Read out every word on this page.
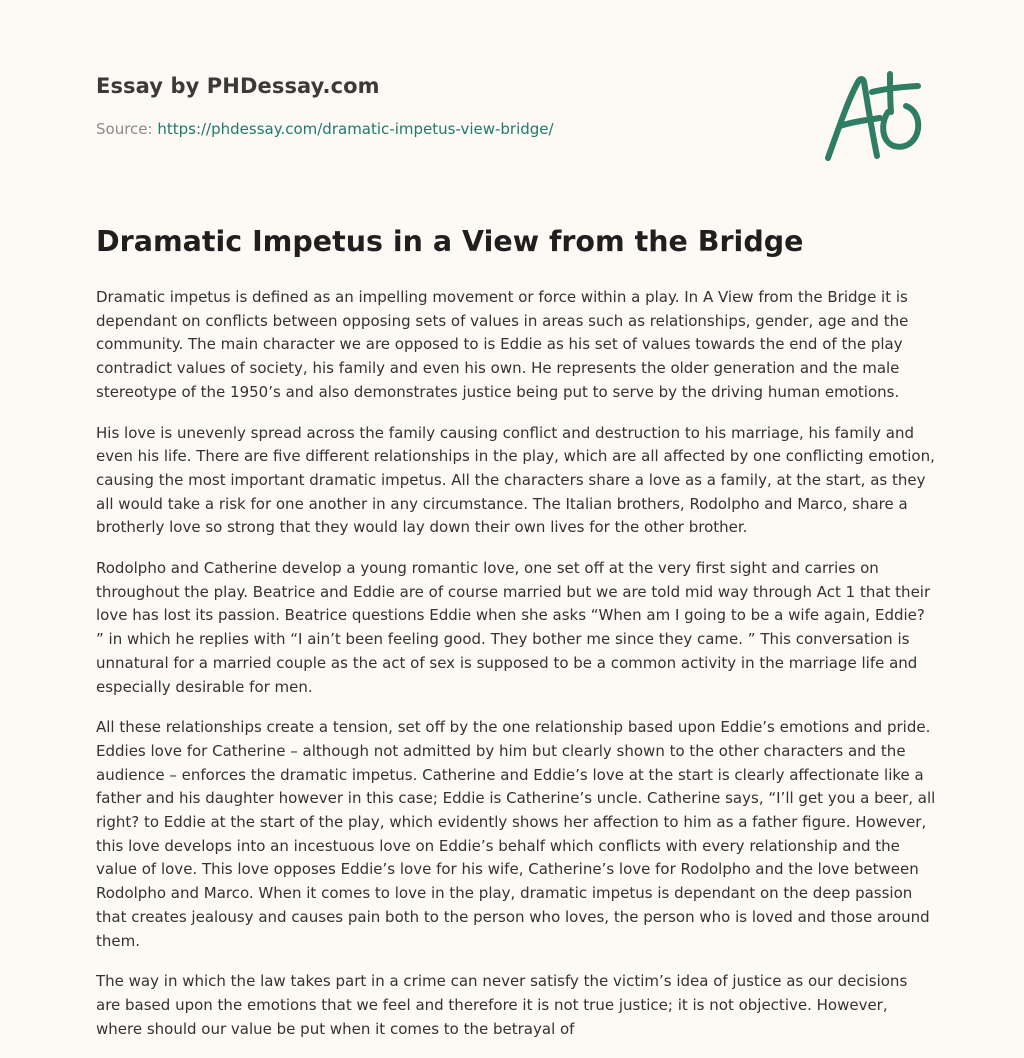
Essay by PHDessay.com
Source: https://phdessay.com/dramatic-impetus-view-bridge/
Dramatic Impetus in a View from the Bridge

Dramatic impetus is defined as an impelling movement or force within a play. In A View from the Bridge it is dependant on conflicts between opposing sets of values in areas such as relationships, gender, age and the community. The main character we are opposed to is Eddie as his set of values towards the end of the play contradict values of society, his family and even his own. He represents the older generation and the male stereotype of the 1950’s and also demonstrates justice being put to serve by the driving human emotions.

His love is unevenly spread across the family causing conflict and destruction to his marriage, his family and even his life. There are five different relationships in the play, which are all affected by one conflicting emotion, causing the most important dramatic impetus. All the characters share a love as a family, at the start, as they all would take a risk for one another in any circumstance. The Italian brothers, Rodolpho and Marco, share a brotherly love so strong that they would lay down their own lives for the other brother.

Rodolpho and Catherine develop a young romantic love, one set off at the very first sight and carries on throughout the play. Beatrice and Eddie are of course married but we are told mid way through Act 1 that their love has lost its passion. Beatrice questions Eddie when she asks “When am I going to be a wife again, Eddie? ” in which he replies with “I ain’t been feeling good. They bother me since they came. ” This conversation is unnatural for a married couple as the act of sex is supposed to be a common activity in the marriage life and especially desirable for men.

All these relationships create a tension, set off by the one relationship based upon Eddie’s emotions and pride. Eddies love for Catherine – although not admitted by him but clearly shown to the other characters and the audience – enforces the dramatic impetus. Catherine and Eddie’s love at the start is clearly affectionate like a father and his daughter however in this case; Eddie is Catherine’s uncle. Catherine says, “I’ll get you a beer, all right? to Eddie at the start of the play, which evidently shows her affection to him as a father figure. However, this love develops into an incestuous love on Eddie’s behalf which conflicts with every relationship and the value of love. This love opposes Eddie’s love for his wife, Catherine’s love for Rodolpho and the love between Rodolpho and Marco. When it comes to love in the play, dramatic impetus is dependant on the deep passion that creates jealousy and causes pain both to the person who loves, the person who is loved and those around them.

The way in which the law takes part in a crime can never satisfy the victim’s idea of justice as our decisions are based upon the emotions that we feel and therefore it is not true justice; it is not objective. However, where should our value be put when it comes to the betrayal of
